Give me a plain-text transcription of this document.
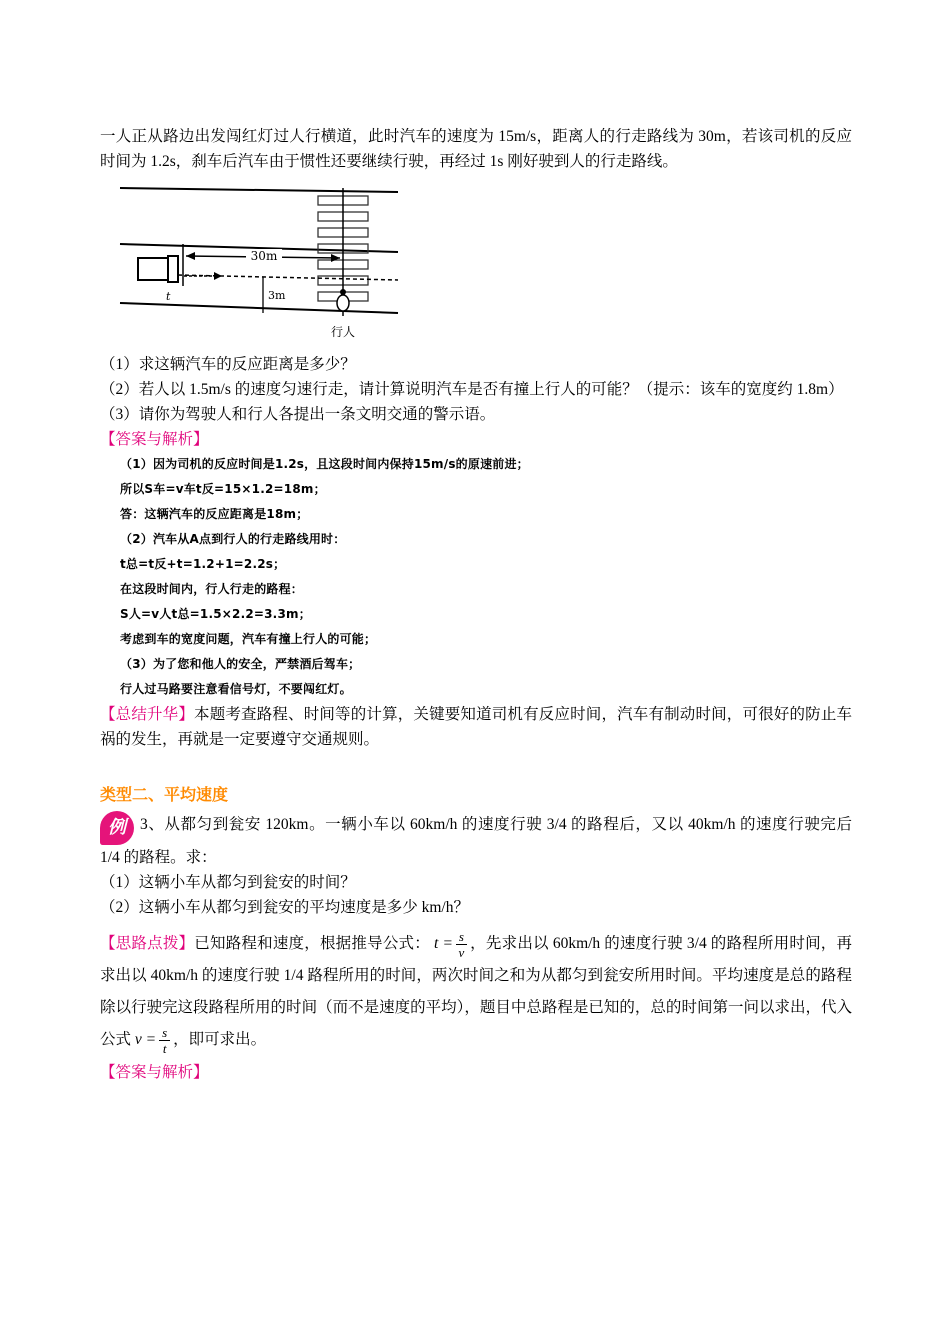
一人正从路边出发闯红灯过人行横道，此时汽车的速度为 15m/s，距离人的行走路线为 30m，若该司机的反应时间为 1.2s，刹车后汽车由于惯性还要继续行驶，再经过 1s 刚好驶到人的行走路线。

30m
3m
t
行人

（1）求这辆汽车的反应距离是多少？

（2）若人以 1.5m/s 的速度匀速行走，请计算说明汽车是否有撞上行人的可能？（提示：该车的宽度约 1.8m）

（3）请你为驾驶人和行人各提出一条文明交通的警示语。

【答案与解析】

（1）因为司机的反应时间是1.2s，且这段时间内保持15m/s的原速前进；

所以S车=v车t反=15×1.2=18m；

答：这辆汽车的反应距离是18m；

（2）汽车从A点到行人的行走路线用时：

t总=t反+t=1.2+1=2.2s；

在这段时间内，行人行走的路程：

S人=v人t总=1.5×2.2=3.3m；

考虑到车的宽度问题，汽车有撞上行人的可能；

（3）为了您和他人的安全，严禁酒后驾车；

行人过马路要注意看信号灯，不要闯红灯。

【总结升华】本题考查路程、时间等的计算，关键要知道司机有反应时间，汽车有制动时间，可很好的防止车祸的发生，再就是一定要遵守交通规则。

类型二、平均速度

例 3、从都匀到瓮安 120km。一辆小车以 60km/h 的速度行驶 3/4 的路程后，又以 40km/h 的速度行驶完后 1/4 的路程。求：

（1）这辆小车从都匀到瓮安的时间？

（2）这辆小车从都匀到瓮安的平均速度是多少 km/h？

【思路点拨】已知路程和速度，根据推导公式： $t = \frac{s}{v}$ ，先求出以 60km/h 的速度行驶 3/4 的路程所用时间，再求出以 40km/h 的速度行驶 1/4 路程所用的时间，两次时间之和为从都匀到瓮安所用时间。平均速度是总的路程除以行驶完这段路程所用的时间（而不是速度的平均），题目中总路程是已知的，总的时间第一问以求出，代入公式 $v = \frac{s}{t}$ ，即可求出。

【答案与解析】
